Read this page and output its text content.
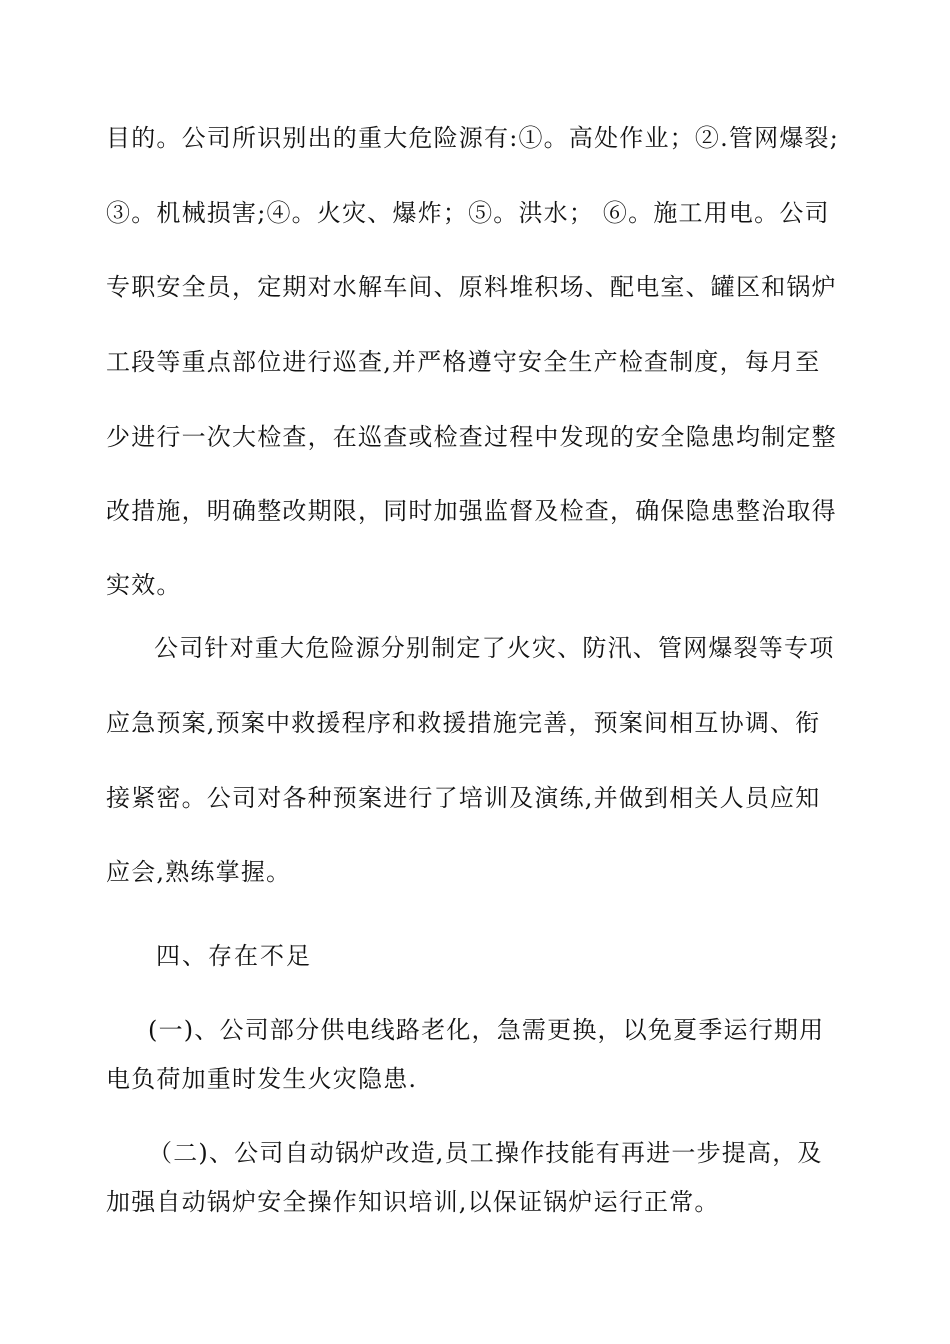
目的。公司所识别出的重大危险源有:①。高处作业；②.管网爆裂;
③。机械损害;④。火灾、爆炸；⑤。洪水； ⑥。施工用电。公司
专职安全员，定期对水解车间、原料堆积场、配电室、罐区和锅炉
工段等重点部位进行巡查,并严格遵守安全生产检查制度，每月至
少进行一次大检查，在巡查或检查过程中发现的安全隐患均制定整
改措施，明确整改期限，同时加强监督及检查，确保隐患整治取得
实效。
公司针对重大危险源分别制定了火灾、防汛、管网爆裂等专项
应急预案,预案中救援程序和救援措施完善，预案间相互协调、衔
接紧密。公司对各种预案进行了培训及演练,并做到相关人员应知
应会,熟练掌握。
四、存在不足
(一)、公司部分供电线路老化，急需更换，以免夏季运行期用
电负荷加重时发生火灾隐患.
（二)、公司自动锅炉改造,员工操作技能有再进一步提高，及
加强自动锅炉安全操作知识培训,以保证锅炉运行正常。
